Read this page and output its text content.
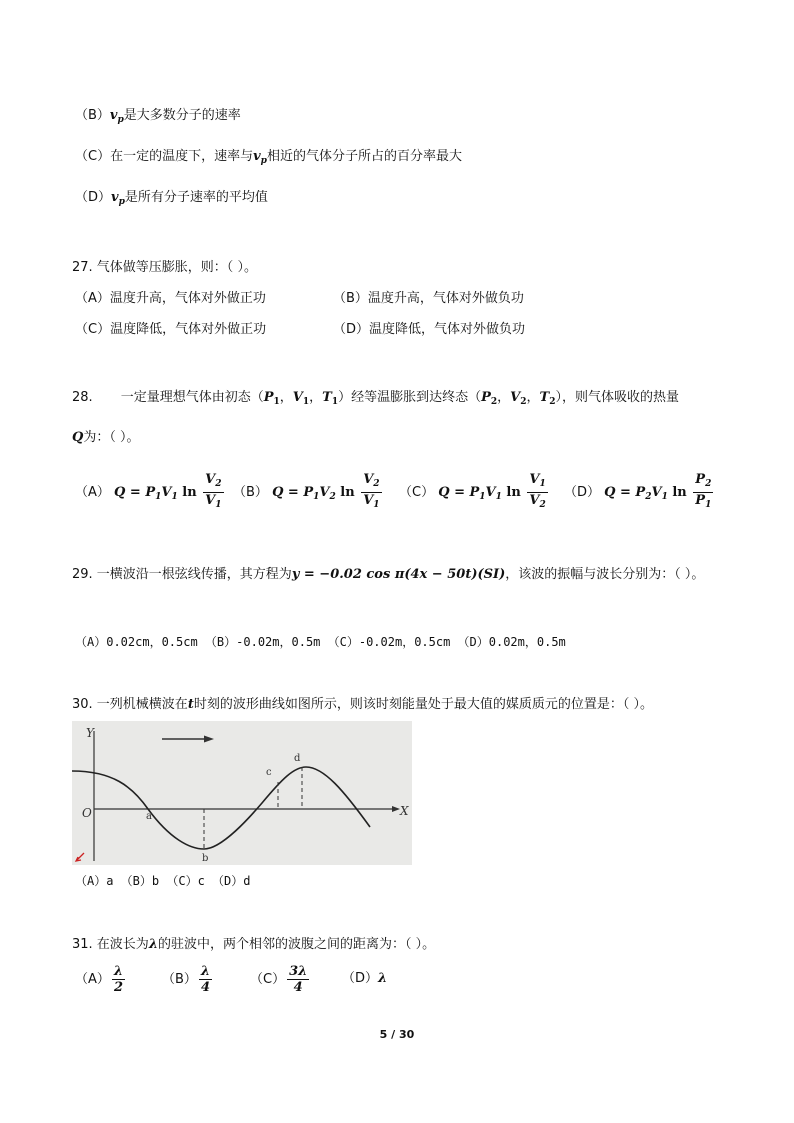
$(B)v_p$是大多数分子的速率
（C）在一定的温度下，速率与$v_p$相近的气体分子所占的百分率最大
$(D)v_p$是所有分子速率的平均值
27. 气体做等压膨胀，则：（ ）。
（A）温度升高，气体对外做正功	（B）温度升高，气体对外做负功
（C）温度降低，气体对外做正功	（D）温度降低，气体对外做负功
28. 一定量理想气体由初态（$P_1$，$V_1$，$T_1$）经等温膨胀到达终态（$P_2$，$V_2$，$T_2$），则气体吸收的热量
Q为：（ ）。
（A） $Q = P_1V_1$ $\ln \frac{V_2}{V_1} (B) Q = P_1V_2$ $\ln \frac{V_2}{V_1} (C) Q = P_1V_1$ $\ln \frac{V_1}{V_2} (D) Q = P_2V_1$ $\ln \frac{P_2}{P_1}$
29. 一横波沿一根弦线传播，其方程为y = −0.02 cos π(4x − 50t)(SI)，该波的振幅与波长分别为：（ ）。
（A）0.02cm，0.5cm （B）-0.02m，0.5m （C）-0.02m，0.5cm （D）0.02m，0.5m
30. 一列机械横波在t时刻的波形曲线如图所示，则该时刻能量处于最大值的媒质质元的位置是：（ ）。
Y
X
O	a
b
c
d
（A）a （B）b （C）c （D）d
31. 在波长为λ的驻波中，两个相邻的波腹之间的距离为：（ ）。
$(A) \frac{\lambda}{2}$	$(B) \frac{\lambda}{4}$	$(C) \frac{3\lambda}{4}$	（D）λ
5 / 30
